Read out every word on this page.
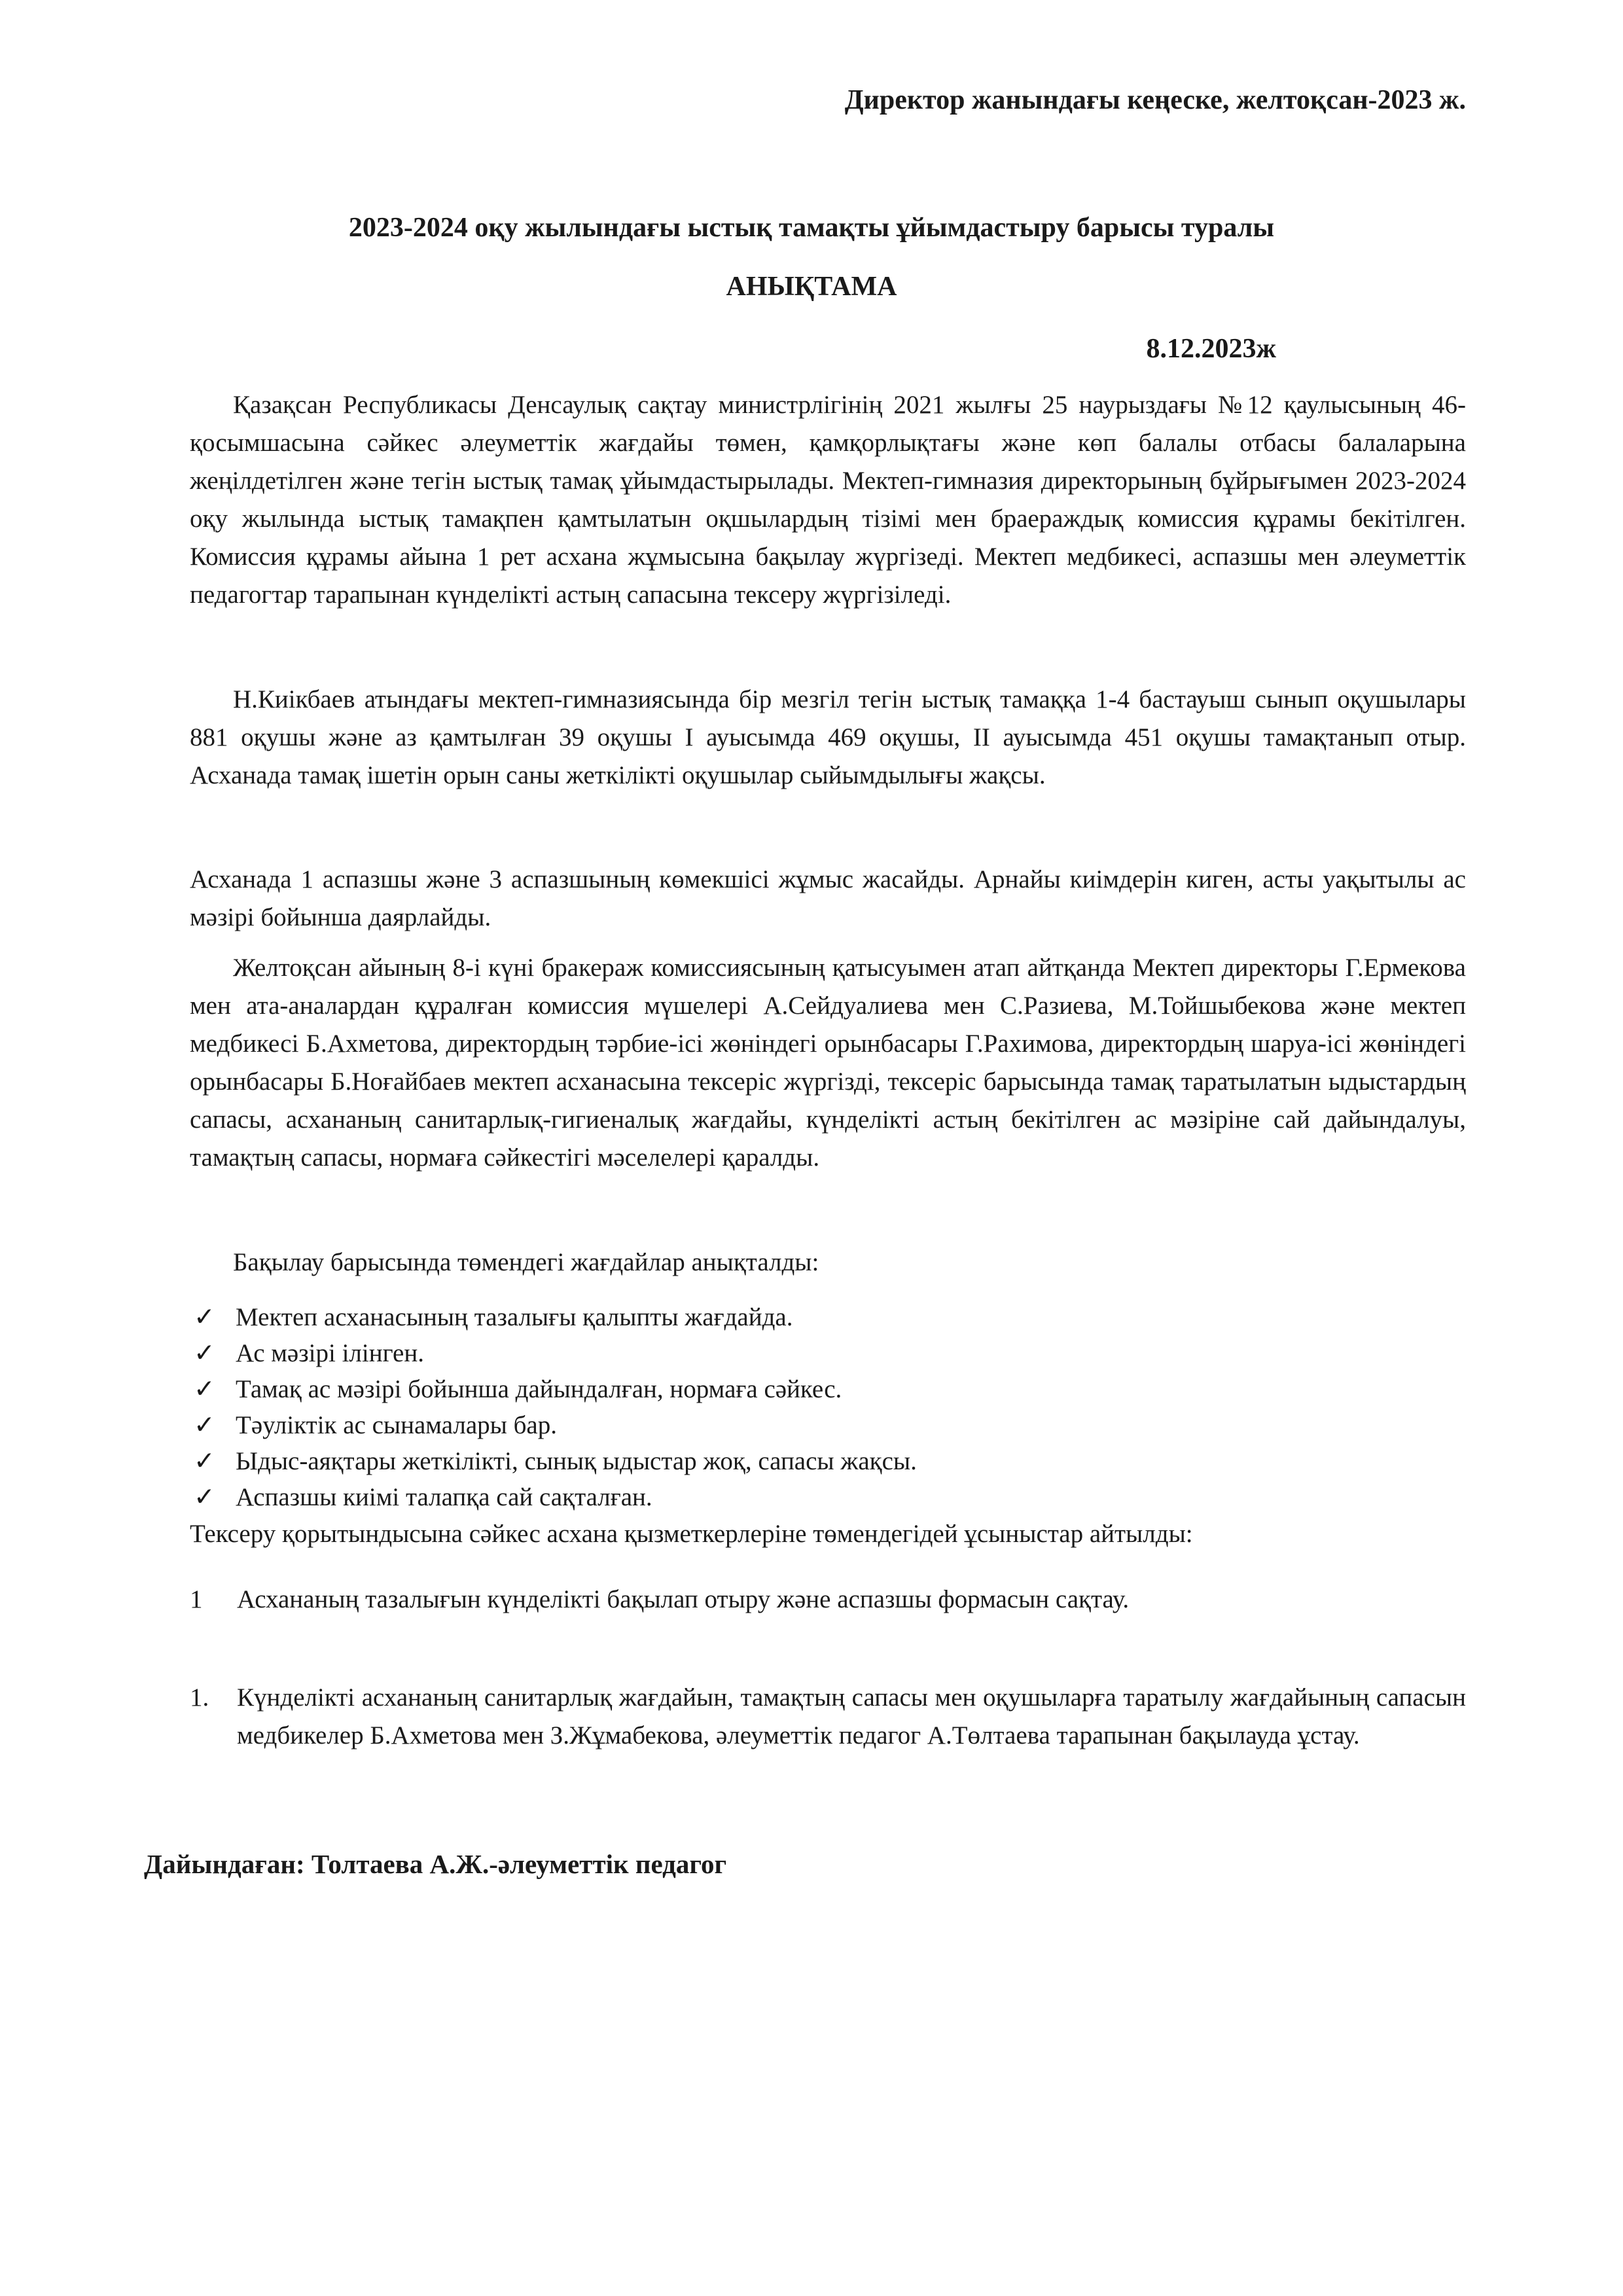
Директор жанындағы кеңеске, желтоқсан-2023 ж.

2023-2024 оқу жылындағы ыстық тамақты ұйымдастыру барысы туралы

АНЫҚТАМА

8.12.2023ж

Қазақсан Республикасы Денсаулық сақтау министрлігінің 2021 жылғы 25 наурыздағы №12 қаулысының 46-қосымшасына сәйкес әлеуметтік жағдайы төмен, қамқорлықтағы және көп балалы отбасы балаларына жеңілдетілген және тегін ыстық тамақ ұйымдастырылады. Мектеп-гимназия директорының бұйрығымен 2023-2024 оқу жылында ыстық тамақпен қамтылатын оқшылардың тізімі мен браераждық комиссия құрамы бекітілген. Комиссия құрамы айына 1 рет асхана жұмысына бақылау жүргізеді. Мектеп медбикесі, аспазшы мен әлеуметтік педагогтар тарапынан күнделікті астың сапасына тексеру жүргізіледі.

Н.Киікбаев атындағы мектеп-гимназиясында бір мезгіл тегін ыстық тамаққа 1-4 бастауыш сынып оқушылары 881 оқушы және аз қамтылған 39 оқушы I ауысымда 469 оқушы, II ауысымда 451 оқушы тамақтанып отыр. Асханада тамақ ішетін орын саны жеткілікті оқушылар сыйымдылығы жақсы.

Асханада 1 аспазшы және 3 аспазшының көмекшісі жұмыс жасайды. Арнайы киімдерін киген, асты уақытылы ас мәзірі бойынша даярлайды.

Желтоқсан айының 8-і күні бракераж комиссиясының қатысуымен атап айтқанда Мектеп директоры Г.Ермекова мен ата-аналардан құралған комиссия мүшелері А.Сейдуалиева мен С.Разиева, М.Тойшыбекова және мектеп медбикесі Б.Ахметова, директордың тәрбие-ісі жөніндегі орынбасары Г.Рахимова, директордың шаруа-ісі жөніндегі орынбасары Б.Ноғайбаев мектеп асханасына тексеріс жүргізді, тексеріс барысында тамақ таратылатын ыдыстардың сапасы, асхананың санитарлық-гигиеналық жағдайы, күнделікті астың бекітілген ас мәзіріне сай дайындалуы, тамақтың сапасы, нормаға сәйкестігі мәселелері қаралды.

Бақылау барысында төмендегі жағдайлар анықталды:

✓ Мектеп асханасының тазалығы қалыпты жағдайда.
✓ Ас мәзірі ілінген.
✓ Тамақ ас мәзірі бойынша дайындалған, нормаға сәйкес.
✓ Тәуліктік ас сынамалары бар.
✓ Ыдыс-аяқтары жеткілікті, сынық ыдыстар жоқ, сапасы жақсы.
✓ Аспазшы киімі талапқа сай сақталған.

Тексеру қорытындысына сәйкес асхана қызметкерлеріне төмендегідей ұсыныстар айтылды:

1	Асхананың тазалығын күнделікті бақылап отыру және аспазшы формасын сақтау.
1.	Күнделікті асхананың санитарлық жағдайын, тамақтың сапасы мен оқушыларға таратылу жағдайының сапасын медбикелер Б.Ахметова мен З.Жұмабекова, әлеуметтік педагог А.Төлтаева тарапынан бақылауда ұстау.

Дайындаған: Толтаева А.Ж.-әлеуметтік педагог
